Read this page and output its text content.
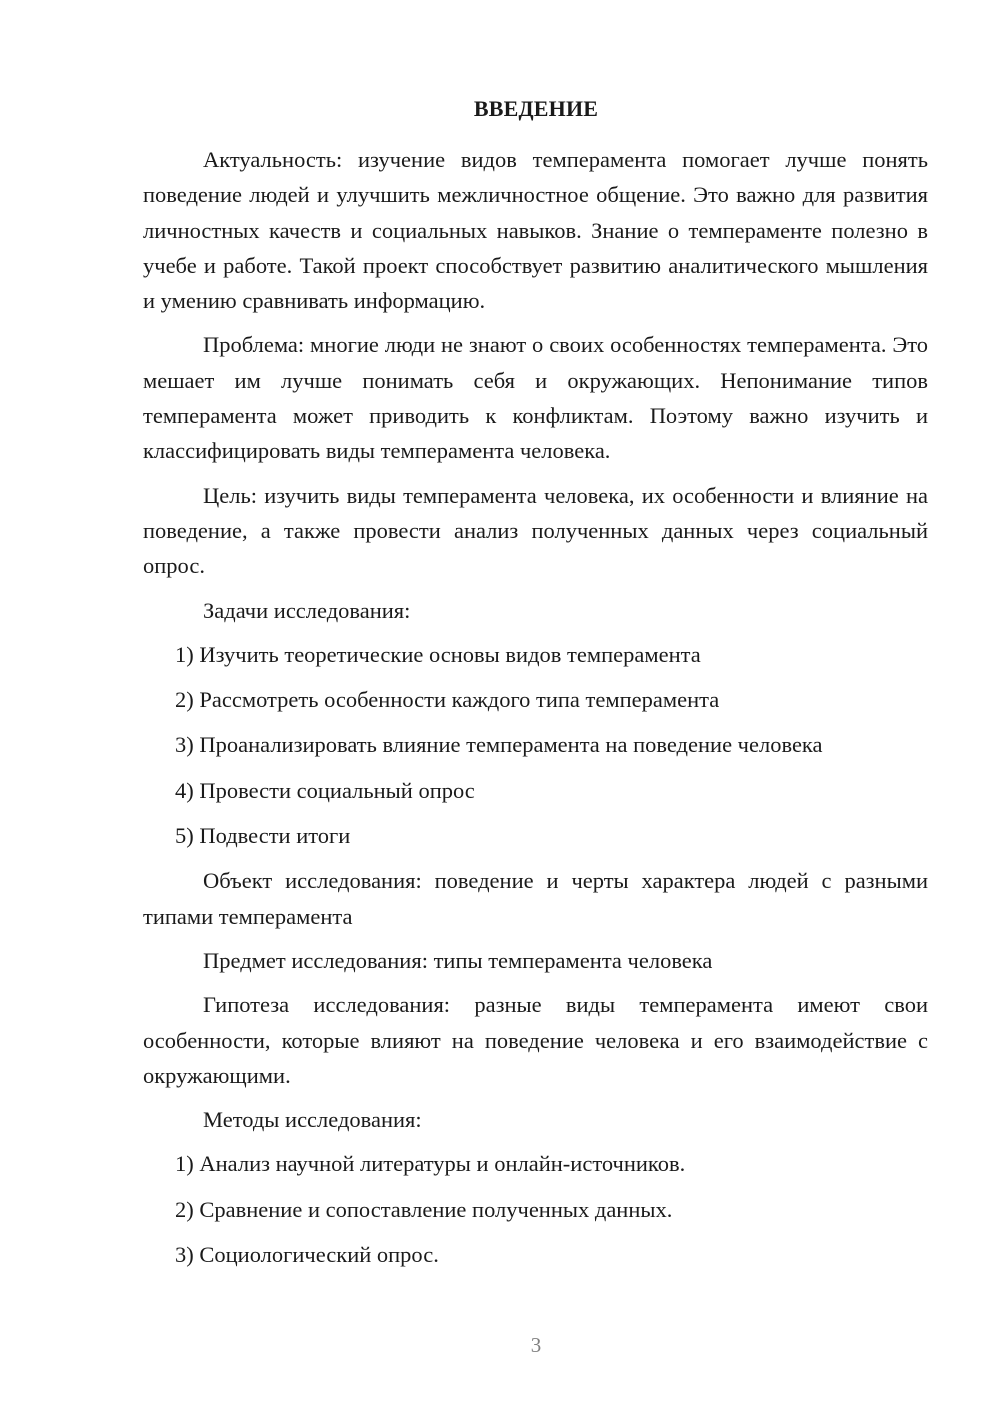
ВВЕДЕНИЕ

Актуальность: изучение видов темперамента помогает лучше понять поведение людей и улучшить межличностное общение. Это важно для развития личностных качеств и социальных навыков. Знание о темпераменте полезно в учебе и работе. Такой проект способствует развитию аналитического мышления и умению сравнивать информацию.

Проблема: многие люди не знают о своих особенностях темперамента. Это мешает им лучше понимать себя и окружающих. Непонимание типов темперамента может приводить к конфликтам. Поэтому важно изучить и классифицировать виды темперамента человека.

Цель: изучить виды темперамента человека, их особенности и влияние на поведение, а также провести анализ полученных данных через социальный опрос.

Задачи исследования:

1) Изучить теоретические основы видов темперамента
2) Рассмотреть особенности каждого типа темперамента
3) Проанализировать влияние темперамента на поведение человека
4) Провести социальный опрос
5) Подвести итоги

Объект исследования: поведение и черты характера людей с разными типами темперамента

Предмет исследования: типы темперамента человека

Гипотеза исследования: разные виды темперамента имеют свои особенности, которые влияют на поведение человека и его взаимодействие с окружающими.

Методы исследования:

1) Анализ научной литературы и онлайн-источников.
2) Сравнение и сопоставление полученных данных.
3) Социологический опрос.
3
